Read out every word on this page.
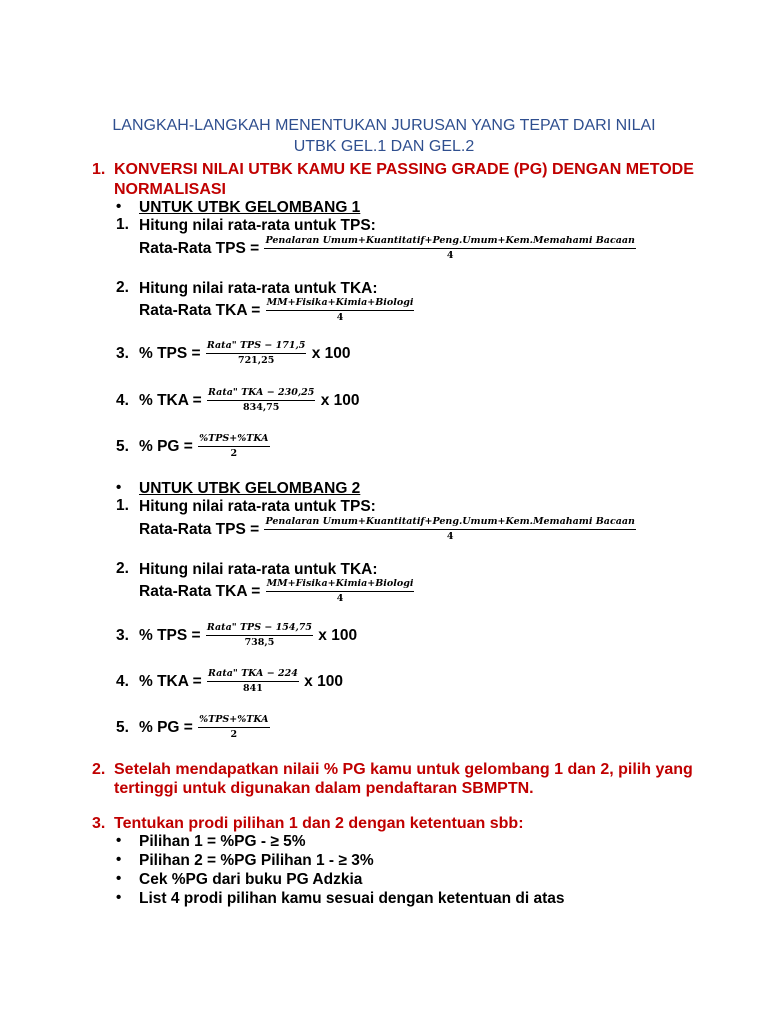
LANGKAH-LANGKAH MENENTUKAN JURUSAN YANG TEPAT DARI NILAI
UTBK GEL.1 DAN GEL.2
1. KONVERSI NILAI UTBK KAMU KE PASSING GRADE (PG) DENGAN METODE
NORMALISASI
• UNTUK UTBK GELOMBANG 1
1. Hitung nilai rata-rata untuk TPS:
Rata-Rata TPS = $\frac{\text{Penalaran Umum+Kuantitatif+Peng.Umum+Kem.Memahami Bacaan}}{4}$
2. Hitung nilai rata-rata untuk TKA:
Rata-Rata TKA = $\frac{\text{MM+Fisika+Kimia+Biologi}}{4}$
3. % TPS = $\frac{\text{Rata" TPS − 171,5}}{721,25}$ x 100
4. % TKA = $\frac{\text{Rata" TKA − 230,25}}{834,75}$ x 100
5. % PG = $\frac{\text{\%TPS+\%TKA}}{2}$
• UNTUK UTBK GELOMBANG 2
1. Hitung nilai rata-rata untuk TPS:
Rata-Rata TPS = $\frac{\text{Penalaran Umum+Kuantitatif+Peng.Umum+Kem.Memahami Bacaan}}{4}$
2. Hitung nilai rata-rata untuk TKA:
Rata-Rata TKA = $\frac{\text{MM+Fisika+Kimia+Biologi}}{4}$
3. % TPS = $\frac{\text{Rata" TPS − 154,75}}{738,5}$ x 100
4. % TKA = $\frac{\text{Rata" TKA − 224}}{841}$ x 100
5. % PG = $\frac{\text{\%TPS+\%TKA}}{2}$
2. Setelah mendapatkan nilaii % PG kamu untuk gelombang 1 dan 2, pilih yang
tertinggi untuk digunakan dalam pendaftaran SBMPTN.
3. Tentukan prodi pilihan 1 dan 2 dengan ketentuan sbb:
• Pilihan 1 = %PG - ≥ 5%
• Pilihan 2 = %PG Pilihan 1 - ≥ 3%
• Cek %PG dari buku PG Adzkia
• List 4 prodi pilihan kamu sesuai dengan ketentuan di atas
